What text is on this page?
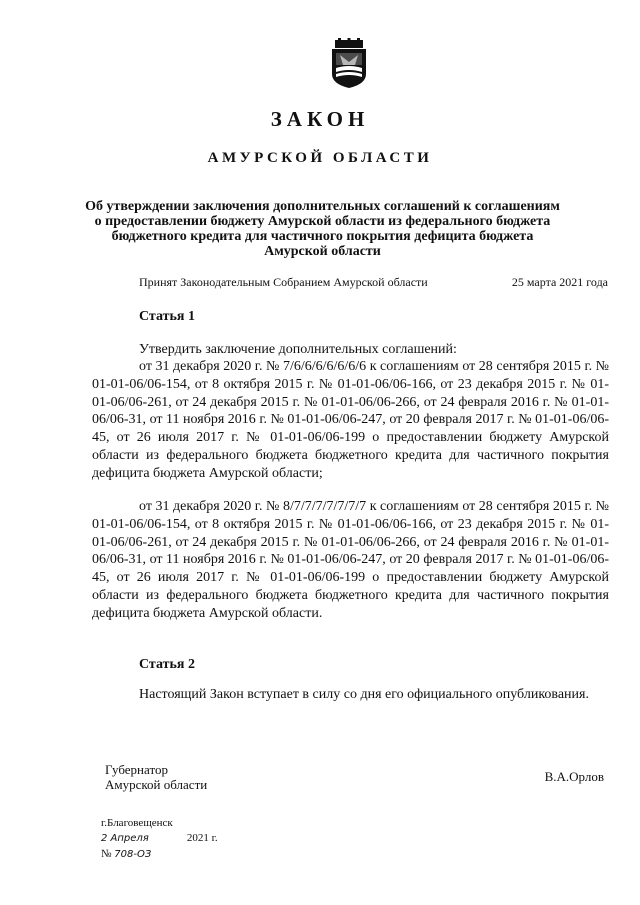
ЗАКОН
АМУРСКОЙ ОБЛАСТИ
Об утверждении заключения дополнительных соглашений к соглашениям о предоставлении бюджету Амурской области из федерального бюджета бюджетного кредита для частичного покрытия дефицита бюджета Амурской области
Принят Законодательным Собранием Амурской области	25 марта 2021 года
Статья 1
Утвердить заключение дополнительных соглашений:
от 31 декабря 2020 г. № 7/6/6/6/6/6/6/6 к соглашениям от 28 сентября 2015 г. № 01-01-06/06-154, от 8 октября 2015 г. № 01-01-06/06-166, от 23 декабря 2015 г. № 01-01-06/06-261, от 24 декабря 2015 г. № 01-01-06/06-266, от 24 февраля 2016 г. № 01-01-06/06-31, от 11 ноября 2016 г. № 01-01-06/06-247, от 20 февраля 2017 г. № 01-01-06/06-45, от 26 июля 2017 г. № 01-01-06/06-199 о предоставлении бюджету Амурской области из федерального бюджета бюджетного кредита для частичного покрытия дефицита бюджета Амурской области;
от 31 декабря 2020 г. № 8/7/7/7/7/7/7/7 к соглашениям от 28 сентября 2015 г. № 01-01-06/06-154, от 8 октября 2015 г. № 01-01-06/06-166, от 23 декабря 2015 г. № 01-01-06/06-261, от 24 декабря 2015 г. № 01-01-06/06-266, от 24 февраля 2016 г. № 01-01-06/06-31, от 11 ноября 2016 г. № 01-01-06/06-247, от 20 февраля 2017 г. № 01-01-06/06-45, от 26 июля 2017 г. № 01-01-06/06-199 о предоставлении бюджету Амурской области из федерального бюджета бюджетного кредита для частичного покрытия дефицита бюджета Амурской области.
Статья 2
Настоящий Закон вступает в силу со дня его официального опубликования.
Губернатор
Амурской области
В.А.Орлов
г.Благовещенск
2 Апреля	2021 г.
№ 708-ОЗ
